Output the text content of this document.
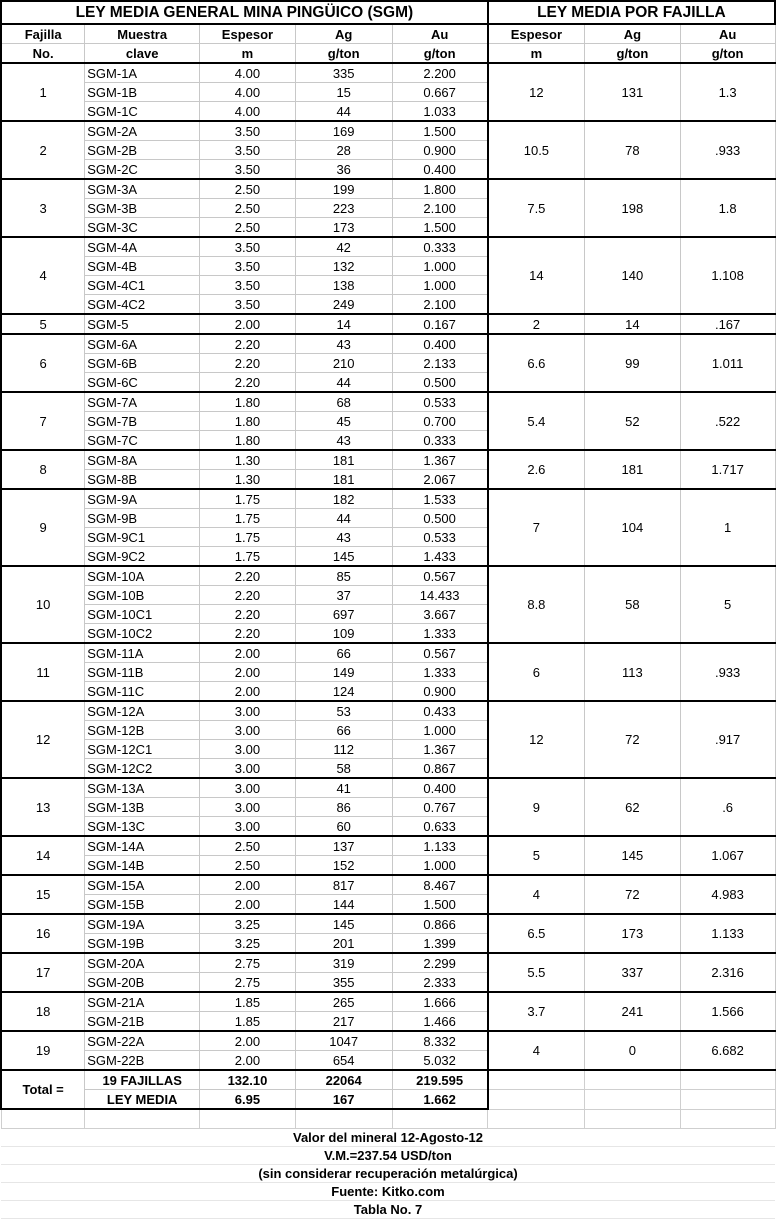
LEY MEDIA GENERAL MINA PINGÜICO (SGM)					LEY MEDIA POR FAJILLA		
Fajilla	Muestra	Espesor	Ag	Au	Espesor	Ag	Au
No.	clave	m	g/ton	g/ton	m	g/ton	g/ton
1	SGM-1A	4.00	335	2.200	12	131	1.3
	SGM-1B	4.00	15	0.667			
	SGM-1C	4.00	44	1.033			
2	SGM-2A	3.50	169	1.500	10.5	78	.933
	SGM-2B	3.50	28	0.900			
	SGM-2C	3.50	36	0.400			
3	SGM-3A	2.50	199	1.800	7.5	198	1.8
	SGM-3B	2.50	223	2.100			
	SGM-3C	2.50	173	1.500			
4	SGM-4A	3.50	42	0.333	14	140	1.108
	SGM-4B	3.50	132	1.000			
	SGM-4C1	3.50	138	1.000			
	SGM-4C2	3.50	249	2.100			
5	SGM-5	2.00	14	0.167	2	14	.167
6	SGM-6A	2.20	43	0.400	6.6	99	1.011
	SGM-6B	2.20	210	2.133			
	SGM-6C	2.20	44	0.500			
7	SGM-7A	1.80	68	0.533	5.4	52	.522
	SGM-7B	1.80	45	0.700			
	SGM-7C	1.80	43	0.333			
8	SGM-8A	1.30	181	1.367	2.6	181	1.717
	SGM-8B	1.30	181	2.067			
9	SGM-9A	1.75	182	1.533	7	104	1
	SGM-9B	1.75	44	0.500			
	SGM-9C1	1.75	43	0.533			
	SGM-9C2	1.75	145	1.433			
10	SGM-10A	2.20	85	0.567	8.8	58	5
	SGM-10B	2.20	37	14.433			
	SGM-10C1	2.20	697	3.667			
	SGM-10C2	2.20	109	1.333			
11	SGM-11A	2.00	66	0.567	6	113	.933
	SGM-11B	2.00	149	1.333			
	SGM-11C	2.00	124	0.900			
12	SGM-12A	3.00	53	0.433	12	72	.917
	SGM-12B	3.00	66	1.000			
	SGM-12C1	3.00	112	1.367			
	SGM-12C2	3.00	58	0.867			
13	SGM-13A	3.00	41	0.400	9	62	.6
	SGM-13B	3.00	86	0.767			
	SGM-13C	3.00	60	0.633			
14	SGM-14A	2.50	137	1.133	5	145	1.067
	SGM-14B	2.50	152	1.000			
15	SGM-15A	2.00	817	8.467	4	72	4.983
	SGM-15B	2.00	144	1.500			
16	SGM-19A	3.25	145	0.866	6.5	173	1.133
	SGM-19B	3.25	201	1.399			
17	SGM-20A	2.75	319	2.299	5.5	337	2.316
	SGM-20B	2.75	355	2.333			
18	SGM-21A	1.85	265	1.666	3.7	241	1.566
	SGM-21B	1.85	217	1.466			
19	SGM-22A	2.00	1047	8.332	4	0	6.682
	SGM-22B	2.00	654	5.032			
Total =	19 FAJILLAS	132.10	22064	219.595			
	LEY MEDIA	6.95	167	1.662			

Valor del mineral 12-Agosto-12							
V.M.=237.54 USD/ton							
(sin considerar recuperación metalúrgica)							
Fuente: Kitko.com							
Tabla No. 7							
